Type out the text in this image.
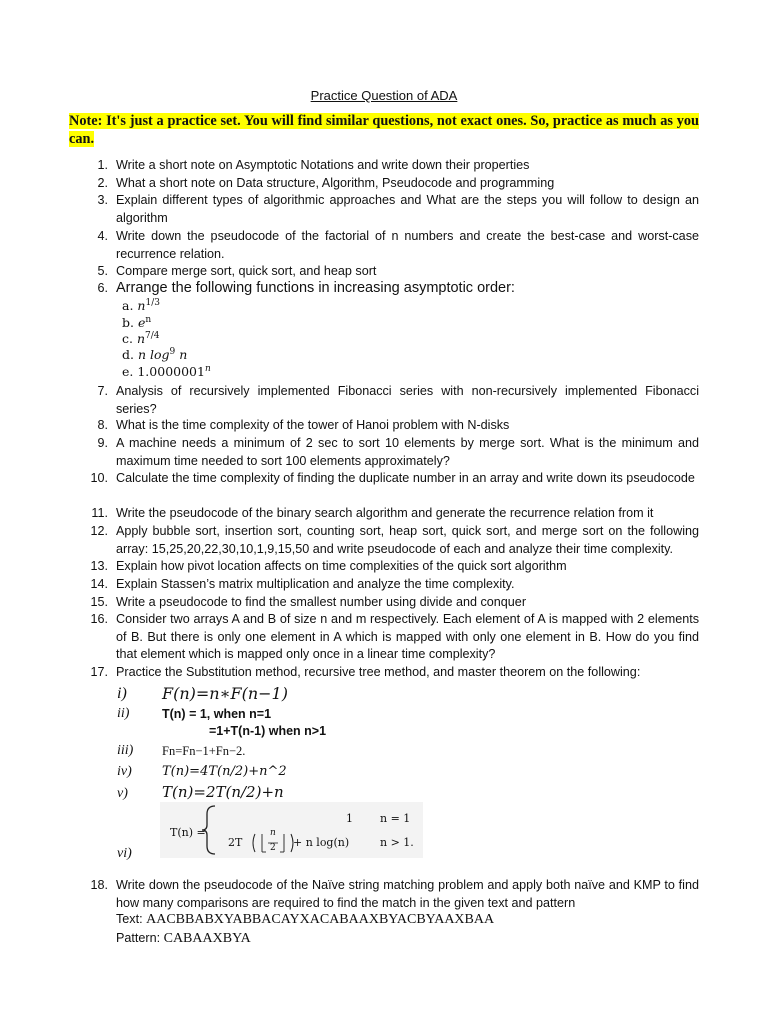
Practice Question of ADA
Note: It's just a practice set. You will find similar questions, not exact ones. So, practice as much as you can.
1. Write a short note on Asymptotic Notations and write down their properties
2. What a short note on Data structure, Algorithm, Pseudocode and programming
3. Explain different types of algorithmic approaches and What are the steps you will follow to design an algorithm
4. Write down the pseudocode of the factorial of n numbers and create the best-case and worst-case recurrence relation.
5. Compare merge sort, quick sort, and heap sort
6. Arrange the following functions in increasing asymptotic order:
a. $n^{1/3}$
b. $e^n$
c. $n^{7/4}$
d. n $\log^9 n$
e. 1.0000001$^n$
7. Analysis of recursively implemented Fibonacci series with non-recursively implemented Fibonacci series?
8. What is the time complexity of the tower of Hanoi problem with N-disks
9. A machine needs a minimum of 2 sec to sort 10 elements by merge sort. What is the minimum and maximum time needed to sort 100 elements approximately?
10. Calculate the time complexity of finding the duplicate number in an array and write down its pseudocode
11. Write the pseudocode of the binary search algorithm and generate the recurrence relation from it
12. Apply bubble sort, insertion sort, counting sort, heap sort, quick sort, and merge sort on the following array: 15,25,20,22,30,10,1,9,15,50 and write pseudocode of each and analyze their time complexity.
13. Explain how pivot location affects on time complexities of the quick sort algorithm
14. Explain Stassen’s matrix multiplication and analyze the time complexity.
15. Write a pseudocode to find the smallest number using divide and conquer
16. Consider two arrays A and B of size n and m respectively. Each element of A is mapped with 2 elements of B. But there is only one element in A which is mapped with only one element in B. How do you find that element which is mapped only once in a linear time complexity?
17. Practice the Substitution method, recursive tree method, and master theorem on the following:
i) F(n)=n∗F(n−1)
ii)	T(n) = 1, when n=1
=1+T(n-1) when n>1
iii) Fn=Fn−1+Fn−2.
iv) T(n)=4T(n/2)+n^2
v) T(n)=2T(n/2)+n
T(n) =
1 n = 1
2T
n
2 + n log(n)	n > 1.
vi)
18. Write down the pseudocode of the Naïve string matching problem and apply both naïve and KMP to find how many comparisons are required to find the match in the given text and pattern
Text: AACBBABXYABBACAYXACABAAXBYACBYAAXBAA
Pattern: CABAAXBYA
